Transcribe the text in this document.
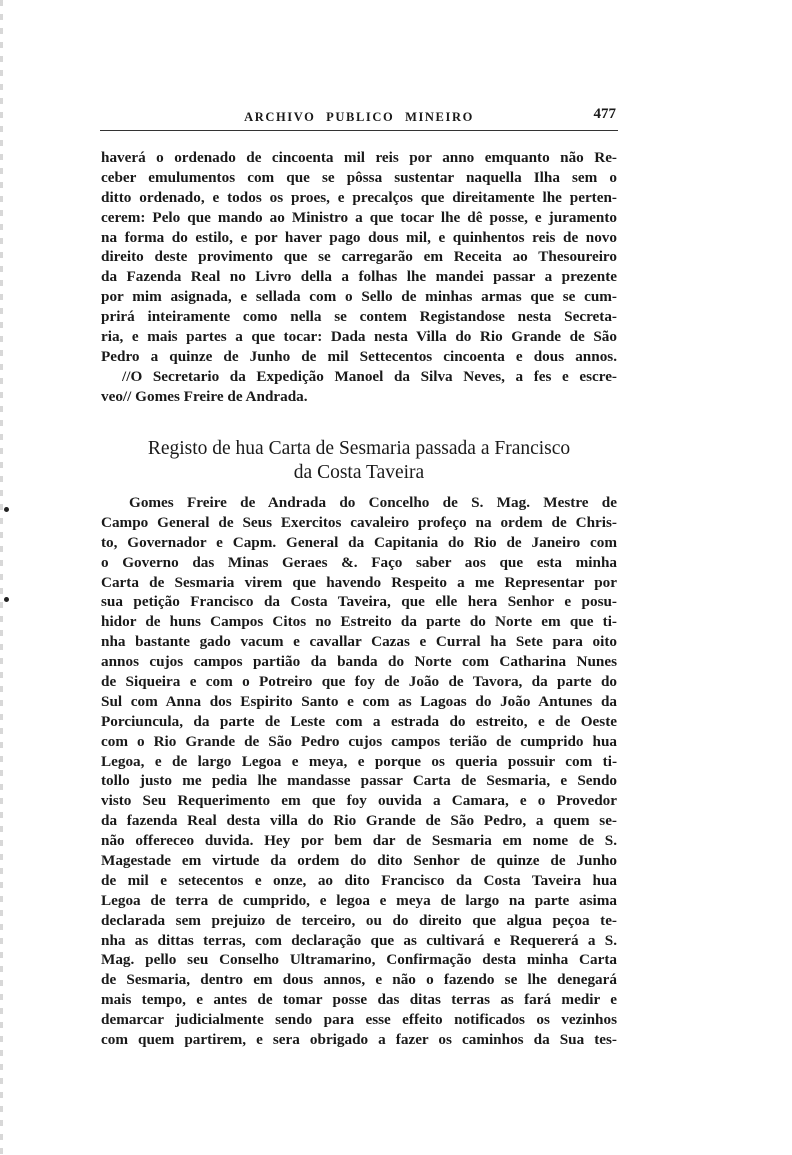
ARCHIVO PUBLICO MINEIRO	477
haverá o ordenado de cincoenta mil reis por anno emquanto não Re-
ceber emulumentos com que se pôssa sustentar naquella Ilha sem o
ditto ordenado, e todos os proes, e precalços que direitamente lhe perten-
cerem: Pelo que mando ao Ministro a que tocar lhe dê posse, e juramento
na forma do estilo, e por haver pago dous mil, e quinhentos reis de novo
direito deste provimento que se carregarão em Receita ao Thesoureiro
da Fazenda Real no Livro della a folhas lhe mandei passar a prezente
por mim asignada, e sellada com o Sello de minhas armas que se cum-
prirá inteiramente como nella se contem Registandose nesta Secreta-
ria, e mais partes a que tocar: Dada nesta Villa do Rio Grande de São
Pedro a quinze de Junho de mil Settecentos cincoenta e dous annos.
//O Secretario da Expedição Manoel da Silva Neves, a fes e escre-
veo// Gomes Freire de Andrada.
Registo de hua Carta de Sesmaria passada a Francisco
da Costa Taveira
Gomes Freire de Andrada do Concelho de S. Mag. Mestre de
Campo General de Seus Exercitos cavaleiro profeço na ordem de Chris-
to, Governador e Capm. General da Capitania do Rio de Janeiro com
o Governo das Minas Geraes &. Faço saber aos que esta minha
Carta de Sesmaria virem que havendo Respeito a me Representar por
sua petição Francisco da Costa Taveira, que elle hera Senhor e posu-
hidor de huns Campos Citos no Estreito da parte do Norte em que ti-
nha bastante gado vacum e cavallar Cazas e Curral ha Sete para oito
annos cujos campos partião da banda do Norte com Catharina Nunes
de Siqueira e com o Potreiro que foy de João de Tavora, da parte do
Sul com Anna dos Espirito Santo e com as Lagoas do João Antunes da
Porciuncula, da parte de Leste com a estrada do estreito, e de Oeste
com o Rio Grande de São Pedro cujos campos terião de cumprido hua
Legoa, e de largo Legoa e meya, e porque os queria possuir com ti-
tollo justo me pedia lhe mandasse passar Carta de Sesmaria, e Sendo
visto Seu Requerimento em que foy ouvida a Camara, e o Provedor
da fazenda Real desta villa do Rio Grande de São Pedro, a quem se-
não offereceo duvida. Hey por bem dar de Sesmaria em nome de S.
Magestade em virtude da ordem do dito Senhor de quinze de Junho
de mil e setecentos e onze, ao dito Francisco da Costa Taveira hua
Legoa de terra de cumprido, e legoa e meya de largo na parte asima
declarada sem prejuizo de terceiro, ou do direito que algua peçoa te-
nha as dittas terras, com declaração que as cultivará e Requererá a S.
Mag. pello seu Conselho Ultramarino, Confirmação desta minha Carta
de Sesmaria, dentro em dous annos, e não o fazendo se lhe denegará
mais tempo, e antes de tomar posse das ditas terras as fará medir e
demarcar judicialmente sendo para esse effeito notificados os vezinhos
com quem partirem, e sera obrigado a fazer os caminhos da Sua tes-
